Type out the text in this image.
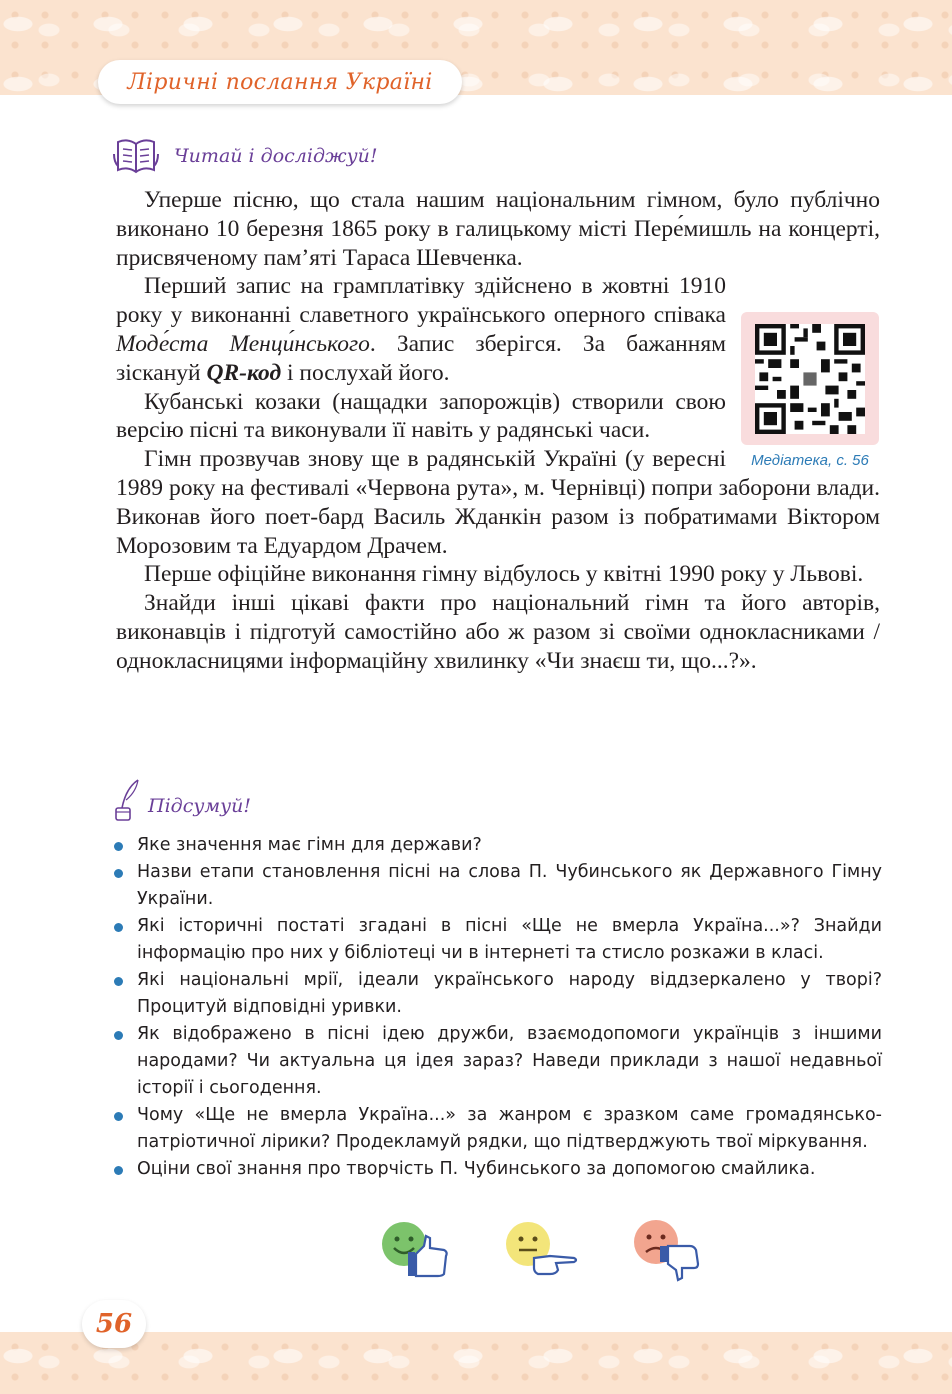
Ліричні послання Україні
Читай і досліджуй!
Медіатека, с. 56

Уперше пісню, що стала нашим національним гімном, було публічно виконано 10 березня 1865 року в галицькому місті Пере́мишль на концерті, присвяченому пам’яті Тараса Шевченка.

Перший запис на грамплатівку здійснено в жовтні 1910 року у виконанні славетного українського оперного співака Моде́ста Менци́нського. Запис зберігся. За бажанням зіскануй QR-код і послухай його.

Кубанські козаки (нащадки запорожців) створили свою версію пісні та виконували її навіть у радянські часи.

Гімн прозвучав знову ще в радянській Україні (у вересні 1989 року на фестивалі «Червона рута», м. Чернівці) попри заборони влади. Виконав його поет-бард Василь Жданкін разом із побратимами Віктором Морозовим та Едуардом Драчем.

Перше офіційне виконання гімну відбулось у квітні 1990 року у Львові.

Знайди інші цікаві факти про національний гімн та його авторів, виконавців і підготуй самостійно або ж разом зі своїми однокласниками / однокласницями інформаційну хвилинку «Чи знаєш ти, що...?».

Підсумуй!
Яке значення має гімн для держави?
Назви етапи становлення пісні на слова П. Чубинського як Державного Гімну України.
Які історичні постаті згадані в пісні «Ще не вмерла Україна...»? Знайди інформацію про них у бібліотеці чи в інтернеті та стисло розкажи в класі.
Які національні мрії, ідеали українського народу віддзеркалено у творі? Процитуй відповідні уривки.
Як відображено в пісні ідею дружби, взаємодопомоги українців з іншими народами? Чи актуальна ця ідея зараз? Наведи приклади з нашої недавньої історії і сьогодення.
Чому «Ще не вмерла Україна...» за жанром є зразком саме громадянсько-патріотичної лірики? Продекламуй рядки, що підтверджують твої міркування.
Оціни свої знання про творчість П. Чубинського за допомогою смайлика.
56
